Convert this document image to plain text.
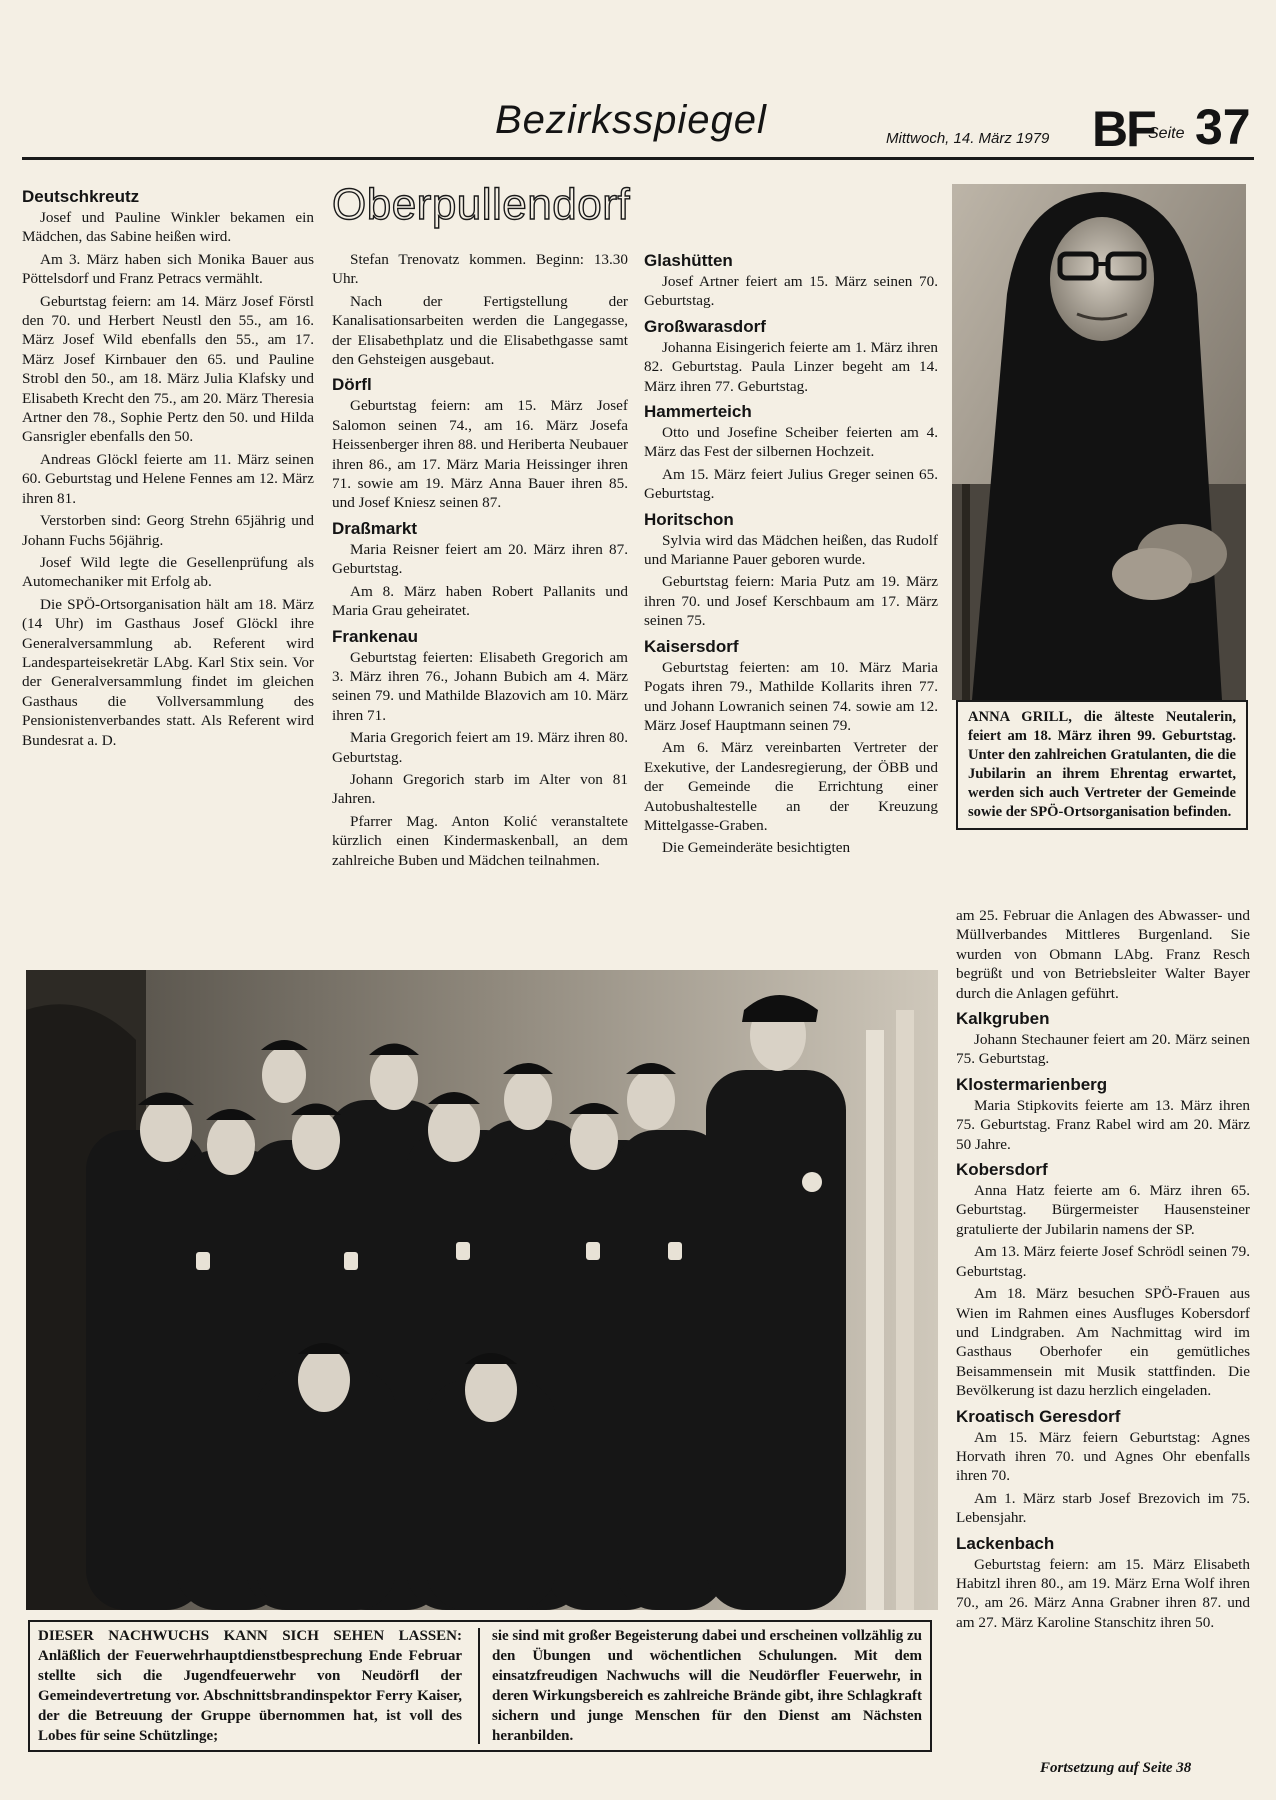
Bezirksspiegel	Mittwoch, 14. März 1979 BF
Seite 37
Deutschkreutz

Josef und Pauline Winkler bekamen ein Mädchen, das Sabine heißen wird.

Am 3. März haben sich Monika Bauer aus Pöttelsdorf und Franz Petracs vermählt.

Geburtstag feiern: am 14. März Josef Förstl den 70. und Herbert Neustl den 55., am 16. März Josef Wild ebenfalls den 55., am 17. März Josef Kirnbauer den 65. und Pauline Strobl den 50., am 18. März Julia Klafsky und Elisabeth Krecht den 75., am 20. März Theresia Artner den 78., Sophie Pertz den 50. und Hilda Gansrigler ebenfalls den 50.

Andreas Glöckl feierte am 11. März seinen 60. Geburtstag und Helene Fennes am 12. März ihren 81.

Verstorben sind: Georg Strehn 65jährig und Johann Fuchs 56jährig.

Josef Wild legte die Gesellenprüfung als Automechaniker mit Erfolg ab.

Die SPÖ-Ortsorganisation hält am 18. März (14 Uhr) im Gasthaus Josef Glöckl ihre Generalversammlung ab. Referent wird Landesparteisekretär LAbg. Karl Stix sein. Vor der Generalversammlung findet im gleichen Gasthaus die Vollversammlung des Pensionistenverbandes statt. Als Referent wird Bundesrat a. D.

Oberpullendorf

Stefan Trenovatz kommen. Beginn: 13.30 Uhr.

Nach der Fertigstellung der Kanalisationsarbeiten werden die Langegasse, der Elisabethplatz und die Elisabethgasse samt den Gehsteigen ausgebaut.

Dörfl

Geburtstag feiern: am 15. März Josef Salomon seinen 74., am 16. März Josefa Heissenberger ihren 88. und Heriberta Neubauer ihren 86., am 17. März Maria Heissinger ihren 71. sowie am 19. März Anna Bauer ihren 85. und Josef Kniesz seinen 87.

Draßmarkt

Maria Reisner feiert am 20. März ihren 87. Geburtstag.

Am 8. März haben Robert Pallanits und Maria Grau geheiratet.

Frankenau

Geburtstag feierten: Elisabeth Gregorich am 3. März ihren 76., Johann Bubich am 4. März seinen 79. und Mathilde Blazovich am 10. März ihren 71.

Maria Gregorich feiert am 19. März ihren 80. Geburtstag.

Johann Gregorich starb im Alter von 81 Jahren.

Pfarrer Mag. Anton Kolić veranstaltete kürzlich einen Kindermaskenball, an dem zahlreiche Buben und Mädchen teilnahmen.

Glashütten

Josef Artner feiert am 15. März seinen 70. Geburtstag.

Großwarasdorf

Johanna Eisingerich feierte am 1. März ihren 82. Geburtstag. Paula Linzer begeht am 14. März ihren 77. Geburtstag.

Hammerteich

Otto und Josefine Scheiber feierten am 4. März das Fest der silbernen Hochzeit.

Am 15. März feiert Julius Greger seinen 65. Geburtstag.

Horitschon

Sylvia wird das Mädchen heißen, das Rudolf und Marianne Pauer geboren wurde.

Geburtstag feiern: Maria Putz am 19. März ihren 70. und Josef Kerschbaum am 17. März seinen 75.

Kaisersdorf

Geburtstag feierten: am 10. März Maria Pogats ihren 79., Mathilde Kollarits ihren 77. und Johann Lowranich seinen 74. sowie am 12. März Josef Hauptmann seinen 79.

Am 6. März vereinbarten Vertreter der Exekutive, der Landesregierung, der ÖBB und der Gemeinde die Errichtung einer Autobushaltestelle an der Kreuzung Mittelgasse-Graben.

Die Gemeinderäte besichtigten

ANNA GRILL, die älteste Neutalerin, feiert am 18. März ihren 99. Geburtstag. Unter den zahlreichen Gratulanten, die die Jubilarin an ihrem Ehrentag erwartet, werden sich auch Vertreter der Gemeinde sowie der SPÖ-Ortsorganisation befinden.

am 25. Februar die Anlagen des Abwasser- und Müllverbandes Mittleres Burgenland. Sie wurden von Obmann LAbg. Franz Resch begrüßt und von Betriebsleiter Walter Bayer durch die Anlagen geführt.

Kalkgruben

Johann Stechauner feiert am 20. März seinen 75. Geburtstag.

Klostermarienberg

Maria Stipkovits feierte am 13. März ihren 75. Geburtstag. Franz Rabel wird am 20. März 50 Jahre.

Kobersdorf

Anna Hatz feierte am 6. März ihren 65. Geburtstag. Bürgermeister Hausensteiner gratulierte der Jubilarin namens der SP.

Am 13. März feierte Josef Schrödl seinen 79. Geburtstag.

Am 18. März besuchen SPÖ-Frauen aus Wien im Rahmen eines Ausfluges Kobersdorf und Lindgraben. Am Nachmittag wird im Gasthaus Oberhofer ein gemütliches Beisammensein mit Musik stattfinden. Die Bevölkerung ist dazu herzlich eingeladen.

Kroatisch Geresdorf

Am 15. März feiern Geburtstag: Agnes Horvath ihren 70. und Agnes Ohr ebenfalls ihren 70.

Am 1. März starb Josef Brezovich im 75. Lebensjahr.

Lackenbach

Geburtstag feiern: am 15. März Elisabeth Habitzl ihren 80., am 19. März Erna Wolf ihren 70., am 26. März Anna Grabner ihren 87. und am 27. März Karoline Stanschitz ihren 50.

DIESER NACHWUCHS KANN SICH SEHEN LASSEN: Anläßlich der Feuerwehrhauptdienstbesprechung Ende Februar stellte sich die Jugendfeuerwehr von Neudörfl der Gemeindevertretung vor. Abschnittsbrandinspektor Ferry Kaiser, der die Betreuung der Gruppe übernommen hat, ist voll des Lobes für seine Schützlinge;
sie sind mit großer Begeisterung dabei und erscheinen vollzählig zu den Übungen und wöchentlichen Schulungen. Mit dem einsatzfreudigen Nachwuchs will die Neudörfler Feuerwehr, in deren Wirkungsbereich es zahlreiche Brände gibt, ihre Schlagkraft sichern und junge Menschen für den Dienst am Nächsten heranbilden.
Fortsetzung auf Seite 38
